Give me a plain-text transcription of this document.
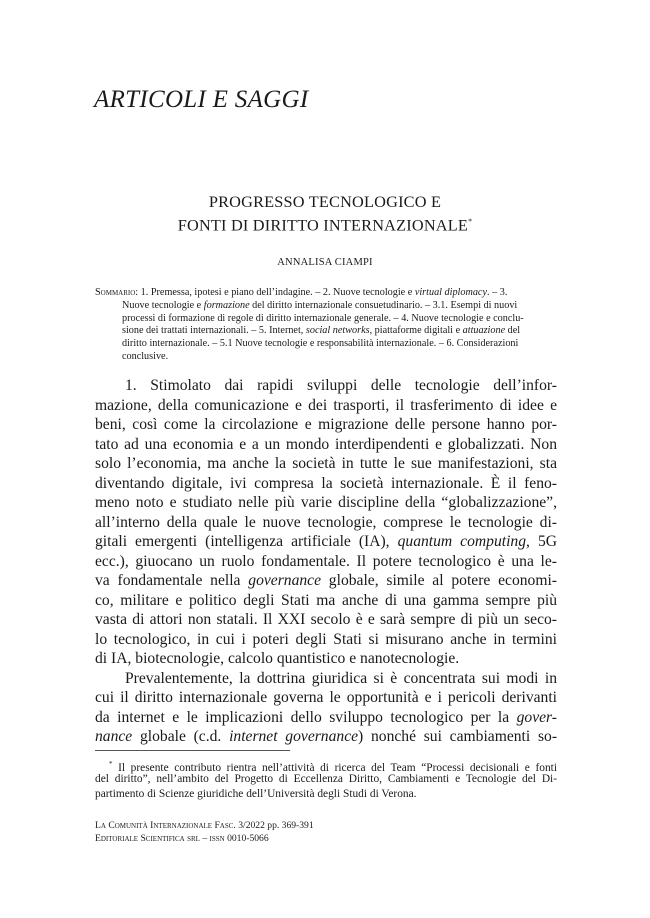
ARTICOLI E SAGGI
PROGRESSO TECNOLOGICO E
FONTI DI DIRITTO INTERNAZIONALE*
ANNALISA CIAMPI
Sommario: 1. Premessa, ipotesi e piano dell’indagine. – 2. Nuove tecnologie e virtual diplomacy. – 3.
Nuove tecnologie e formazione del diritto internazionale consuetudinario. – 3.1. Esempi di nuovi
processi di formazione di regole di diritto internazionale generale. – 4. Nuove tecnologie e conclu-
sione dei trattati internazionali. – 5. Internet, social networks, piattaforme digitali e attuazione del
diritto internazionale. – 5.1 Nuove tecnologie e responsabilità internazionale. – 6. Considerazioni
conclusive.
1. Stimolato dai rapidi sviluppi delle tecnologie dell’infor-
mazione, della comunicazione e dei trasporti, il trasferimento di idee e
beni, così come la circolazione e migrazione delle persone hanno por-
tato ad una economia e a un mondo interdipendenti e globalizzati. Non
solo l’economia, ma anche la società in tutte le sue manifestazioni, sta
diventando digitale, ivi compresa la società internazionale. È il feno-
meno noto e studiato nelle più varie discipline della “globalizzazione”,
all’interno della quale le nuove tecnologie, comprese le tecnologie di-
gitali emergenti (intelligenza artificiale (IA), quantum computing, 5G
ecc.), giuocano un ruolo fondamentale. Il potere tecnologico è una le-
va fondamentale nella governance globale, simile al potere economi-
co, militare e politico degli Stati ma anche di una gamma sempre più
vasta di attori non statali. Il XXI secolo è e sarà sempre di più un seco-
lo tecnologico, in cui i poteri degli Stati si misurano anche in termini
di IA, biotecnologie, calcolo quantistico e nanotecnologie.
Prevalentemente, la dottrina giuridica si è concentrata sui modi in
cui il diritto internazionale governa le opportunità e i pericoli derivanti
da internet e le implicazioni dello sviluppo tecnologico per la gover-
nance globale (c.d. internet governance) nonché sui cambiamenti so-
* Il presente contributo rientra nell’attività di ricerca del Team “Processi decisionali e fonti
del diritto”, nell’ambito del Progetto di Eccellenza Diritto, Cambiamenti e Tecnologie del Di-
partimento di Scienze giuridiche dell’Università degli Studi di Verona.
La Comunità Internazionale Fasc. 3/2022 pp. 369-391
Editoriale Scientifica srl – issn 0010-5066
